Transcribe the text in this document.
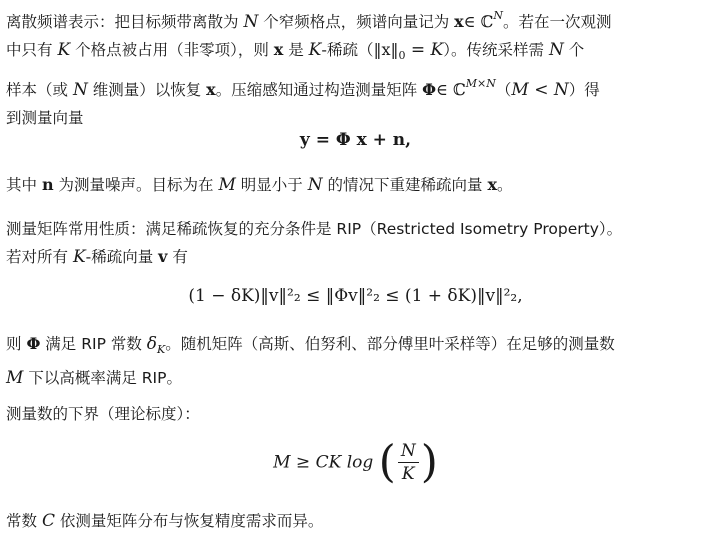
离散频谱表示：把目标频带离散为 N 个窄频格点，频谱向量记为 x∈ ℂ$^N$。若在一次观测
中只有 K 个格点被占用（非零项），则 x 是 K-稀疏$(‖x‖_0 = K)$。传统采样需 N 个
样本（或 N 维测量）以恢复 x。压缩感知通过构造测量矩阵 Φ∈ ℂ$^{M\times N}$（M < N）得
到测量向量

y = Φ x + n,

其中 n 为测量噪声。目标为在 M 明显小于 N 的情况下重建稀疏向量 x。

测量矩阵常用性质：满足稀疏恢复的充分条件是 RIP（Restricted Isometry Property）。
若对所有 K-稀疏向量 v 有

(1 − δK)‖v‖²₂ ≤ ‖Φv‖²₂ ≤ (1 + δK)‖v‖²₂,

则 Φ 满足 RIP 常数 $\delta_K$。随机矩阵（高斯、伯努利、部分傅里叶采样等）在足够的测量数
M 下以高概率满足 RIP。

测量数的下界（理论标度）：

M ≥ CK log ( $\frac{N}{K}$ )

常数 C 依测量矩阵分布与恢复精度需求而异。
